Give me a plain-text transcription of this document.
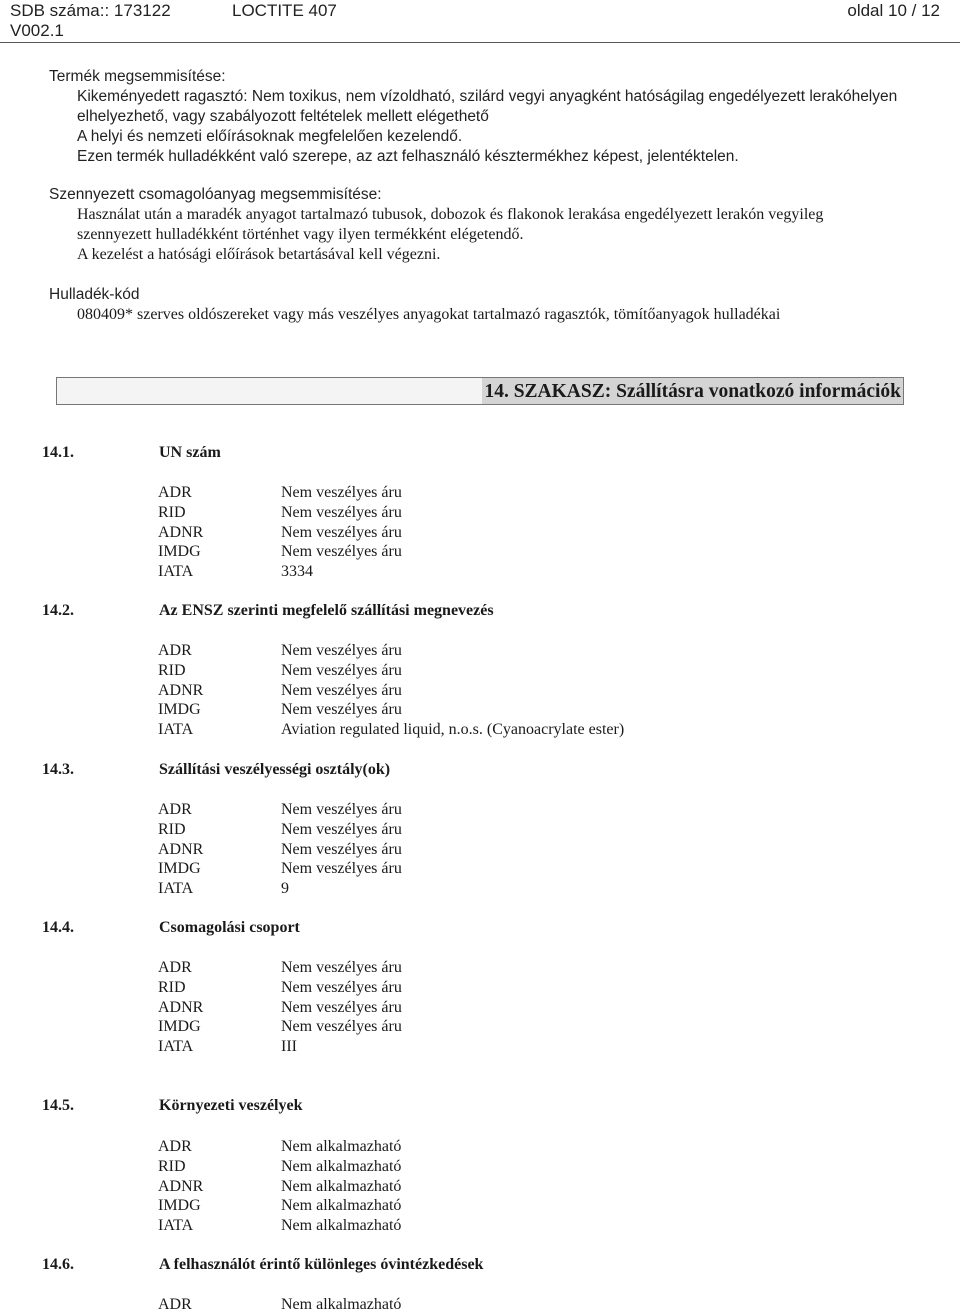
SDB száma:: 173122
V002.1
LOCTITE 407	oldal 10 / 12
Termék megsemmisítése:
Kikeményedett ragasztó: Nem toxikus, nem vízoldható, szilárd vegyi anyagként hatóságilag engedélyezett lerakóhelyen
elhelyezhető, vagy szabályozott feltételek mellett elégethető
A helyi és nemzeti előírásoknak megfelelően kezelendő.
Ezen termék hulladékként való szerepe, az azt felhasználó késztermékhez képest, jelentéktelen.
Szennyezett csomagolóanyag megsemmisítése:
Használat után a maradék anyagot tartalmazó tubusok, dobozok és flakonok lerakása engedélyezett lerakón vegyileg
szennyezett hulladékként történhet vagy ilyen termékként elégetendő.
A kezelést a hatósági előírások betartásával kell végezni.
Hulladék-kód
080409* szerves oldószereket vagy más veszélyes anyagokat tartalmazó ragasztók, tömítőanyagok hulladékai
14. SZAKASZ: Szállításra vonatkozó információk
14.1.	UN szám
ADR	Nem veszélyes áru
RID	Nem veszélyes áru
ADNR	Nem veszélyes áru
IMDG	Nem veszélyes áru
IATA	3334
14.2.	Az ENSZ szerinti megfelelő szállítási megnevezés
ADR	Nem veszélyes áru
RID	Nem veszélyes áru
ADNR	Nem veszélyes áru
IMDG	Nem veszélyes áru
IATA	Aviation regulated liquid, n.o.s. (Cyanoacrylate ester)
14.3.	Szállítási veszélyességi osztály(ok)
ADR	Nem veszélyes áru
RID	Nem veszélyes áru
ADNR	Nem veszélyes áru
IMDG	Nem veszélyes áru
IATA	9
14.4.	Csomagolási csoport
ADR	Nem veszélyes áru
RID	Nem veszélyes áru
ADNR	Nem veszélyes áru
IMDG	Nem veszélyes áru
IATA	III
14.5.	Környezeti veszélyek
ADR	Nem alkalmazható
RID	Nem alkalmazható
ADNR	Nem alkalmazható
IMDG	Nem alkalmazható
IATA	Nem alkalmazható
14.6.	A felhasználót érintő különleges óvintézkedések
ADR	Nem alkalmazható
